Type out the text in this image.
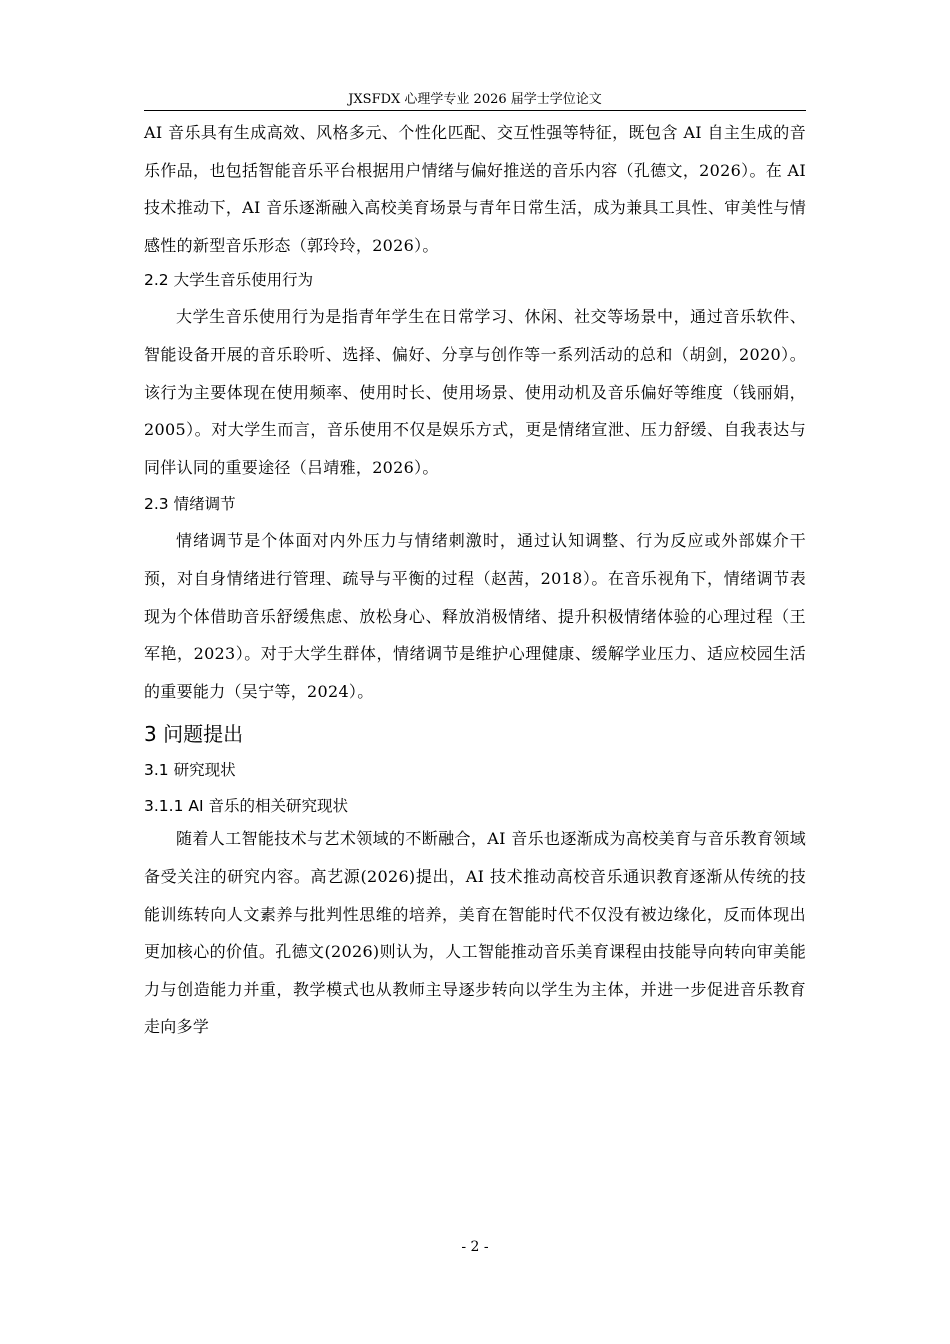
JXSFDX 心理学专业 2026 届学士学位论文

AI 音乐具有生成高效、风格多元、个性化匹配、交互性强等特征，既包含 AI 自主生成的音乐作品，也包括智能音乐平台根据用户情绪与偏好推送的音乐内容（孔德文，2026）。在 AI 技术推动下，AI 音乐逐渐融入高校美育场景与青年日常生活，成为兼具工具性、审美性与情感性的新型音乐形态（郭玲玲，2026）。

2.2 大学生音乐使用行为

大学生音乐使用行为是指青年学生在日常学习、休闲、社交等场景中，通过音乐软件、智能设备开展的音乐聆听、选择、偏好、分享与创作等一系列活动的总和（胡剑，2020）。该行为主要体现在使用频率、使用时长、使用场景、使用动机及音乐偏好等维度（钱丽娟，2005）。对大学生而言，音乐使用不仅是娱乐方式，更是情绪宣泄、压力舒缓、自我表达与同伴认同的重要途径（吕靖雅，2026）。

2.3 情绪调节

情绪调节是个体面对内外压力与情绪刺激时，通过认知调整、行为反应或外部媒介干预，对自身情绪进行管理、疏导与平衡的过程（赵茜，2018）。在音乐视角下，情绪调节表现为个体借助音乐舒缓焦虑、放松身心、释放消极情绪、提升积极情绪体验的心理过程（王军艳，2023）。对于大学生群体，情绪调节是维护心理健康、缓解学业压力、适应校园生活的重要能力（吴宁等，2024）。

3 问题提出
3.1 研究现状
3.1.1 AI 音乐的相关研究现状

随着人工智能技术与艺术领域的不断融合，AI 音乐也逐渐成为高校美育与音乐教育领域备受关注的研究内容。高艺源(2026)提出，AI 技术推动高校音乐通识教育逐渐从传统的技能训练转向人文素养与批判性思维的培养，美育在智能时代不仅没有被边缘化，反而体现出更加核心的价值。孔德文(2026)则认为，人工智能推动音乐美育课程由技能导向转向审美能力与创造能力并重，教学模式也从教师主导逐步转向以学生为主体，并进一步促进音乐教育走向多学

- 2 -
